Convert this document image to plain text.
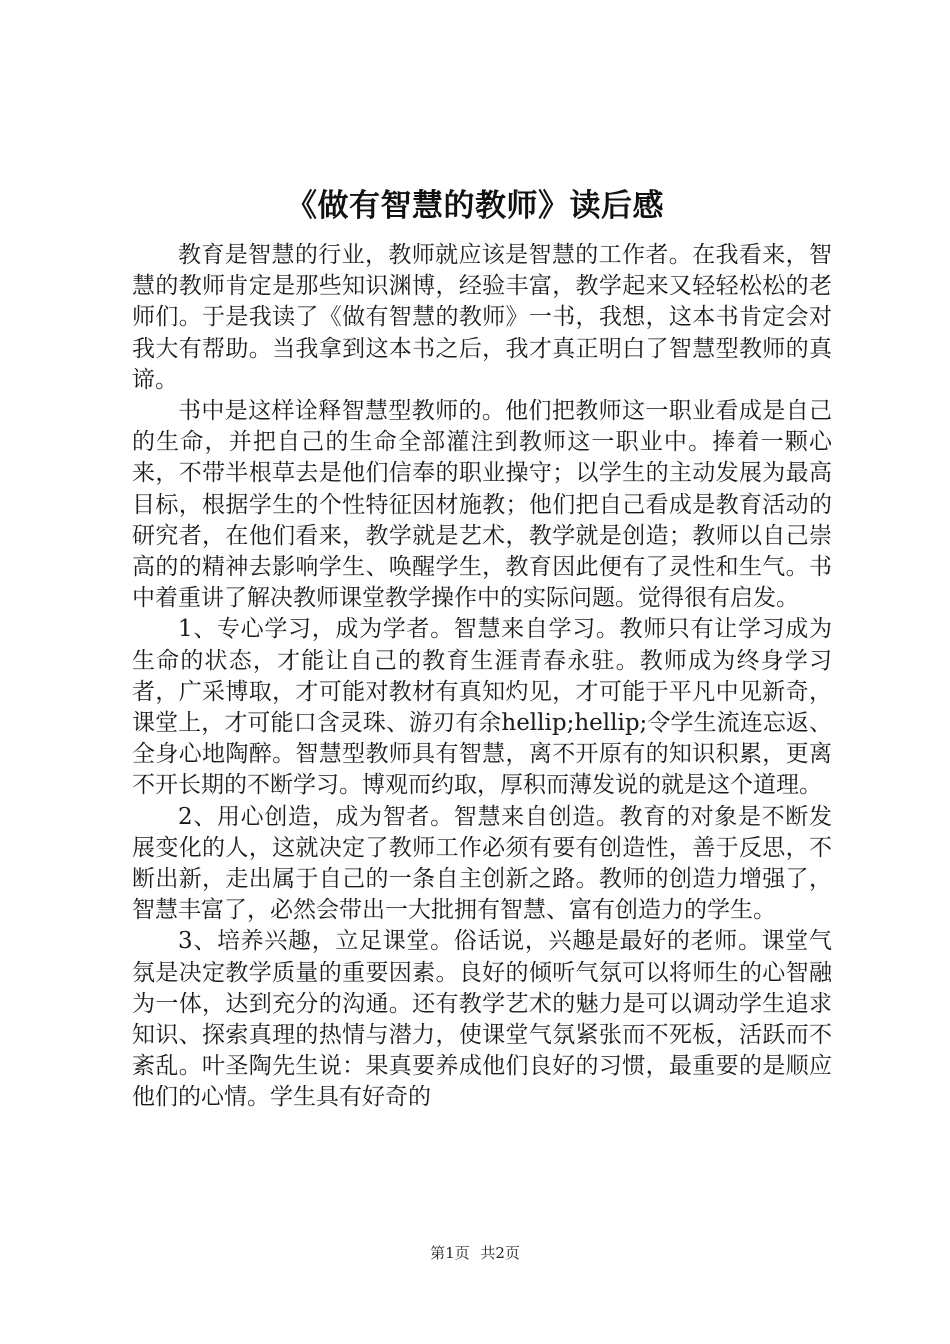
《做有智慧的教师》读后感

教育是智慧的行业，教师就应该是智慧的工作者。在我看来，智慧的教师肯定是那些知识渊博，经验丰富，教学起来又轻轻松松的老师们。于是我读了《做有智慧的教师》一书，我想，这本书肯定会对我大有帮助。当我拿到这本书之后，我才真正明白了智慧型教师的真谛。

书中是这样诠释智慧型教师的。他们把教师这一职业看成是自己的生命，并把自己的生命全部灌注到教师这一职业中。捧着一颗心来，不带半根草去是他们信奉的职业操守；以学生的主动发展为最高目标，根据学生的个性特征因材施教；他们把自己看成是教育活动的研究者，在他们看来，教学就是艺术，教学就是创造；教师以自己崇高的的精神去影响学生、唤醒学生，教育因此便有了灵性和生气。书中着重讲了解决教师课堂教学操作中的实际问题。觉得很有启发。

1、专心学习，成为学者。智慧来自学习。教师只有让学习成为生命的状态，才能让自己的教育生涯青春永驻。教师成为终身学习者，广采博取，才可能对教材有真知灼见，才可能于平凡中见新奇，课堂上，才可能口含灵珠、游刃有余hellip;hellip;令学生流连忘返、全身心地陶醉。智慧型教师具有智慧，离不开原有的知识积累，更离不开长期的不断学习。博观而约取，厚积而薄发说的就是这个道理。

2、用心创造，成为智者。智慧来自创造。教育的对象是不断发展变化的人，这就决定了教师工作必须有要有创造性，善于反思，不断出新，走出属于自己的一条自主创新之路。教师的创造力增强了，智慧丰富了，必然会带出一大批拥有智慧、富有创造力的学生。

3、培养兴趣，立足课堂。俗话说，兴趣是最好的老师。课堂气氛是决定教学质量的重要因素。良好的倾听气氛可以将师生的心智融为一体，达到充分的沟通。还有教学艺术的魅力是可以调动学生追求知识、探索真理的热情与潜力，使课堂气氛紧张而不死板，活跃而不紊乱。叶圣陶先生说：果真要养成他们良好的习惯，最重要的是顺应他们的心情。学生具有好奇的

第1页 共2页
